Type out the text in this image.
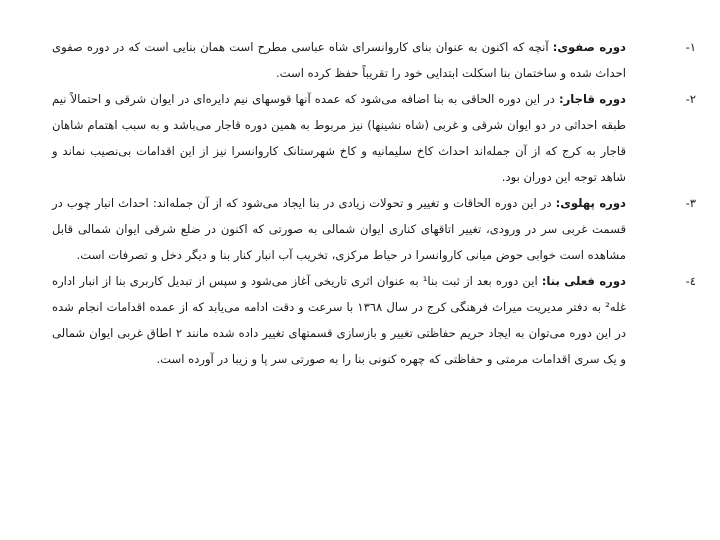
-١
دوره صفوی: آنچه که اکنون به عنوان بنای کاروانسرای شاه عباسی مطرح است همان بنایی است که در دوره صفوی احداث شده و ساختمان بنا اسکلت ابتدایی خود را تقریباً حفظ کرده است.
-٢
دوره قاجار: در این دوره الحاقی به بنا اضافه می‌شود که عمده آنها قوسهای نیم دایره‌ای در ایوان شرقی و احتمالاً نیم طبقه احداثی در دو ایوان شرقی و غربی (شاه نشینها) نیز مربوط به همین دوره قاجار می‌باشد و به سبب اهتمام شاهان قاجار به کرج که از آن جمله‌اند احداث کاخ سلیمانیه و کاخ شهرستانک کاروانسرا نیز از این اقدامات بی‌نصیب نماند و شاهد توجه این دوران بود.
-٣
دوره پهلوی: در این دوره الحاقات و تغییر و تحولات زیادی در بنا ایجاد می‌شود که از آن جمله‌اند: احداث انبار چوب در قسمت غربی سر در ورودی، تغییر اتاقهای کناری ایوان شمالی به صورتی که اکنون در ضلع شرقی ایوان شمالی قابل مشاهده است خوابی حوض میانی کاروانسرا در حیاط مرکزی، تخریب آب انبار کنار بنا و دیگر دخل و تصرفات است.
-٤
دوره فعلی بنا: این دوره بعد از ثبت بنا¹ به عنوان اثری تاریخی آغاز می‌شود و سپس از تبدیل کاربری بنا از انبار اداره غله² به دفتر مدیریت میراث فرهنگی کرج در سال ١٣٦٨ با سرعت و دقت ادامه می‌یابد که از عمده اقدامات انجام شده در این دوره می‌توان به ایجاد حریم حفاظتی تغییر و بازسازی قسمتهای تغییر داده شده مانند ٢ اطاق غربی ایوان شمالی و یک سری اقدامات مرمتی و حفاظتی که چهره کنونی بنا را به صورتی سر پا و زیبا در آورده است.
